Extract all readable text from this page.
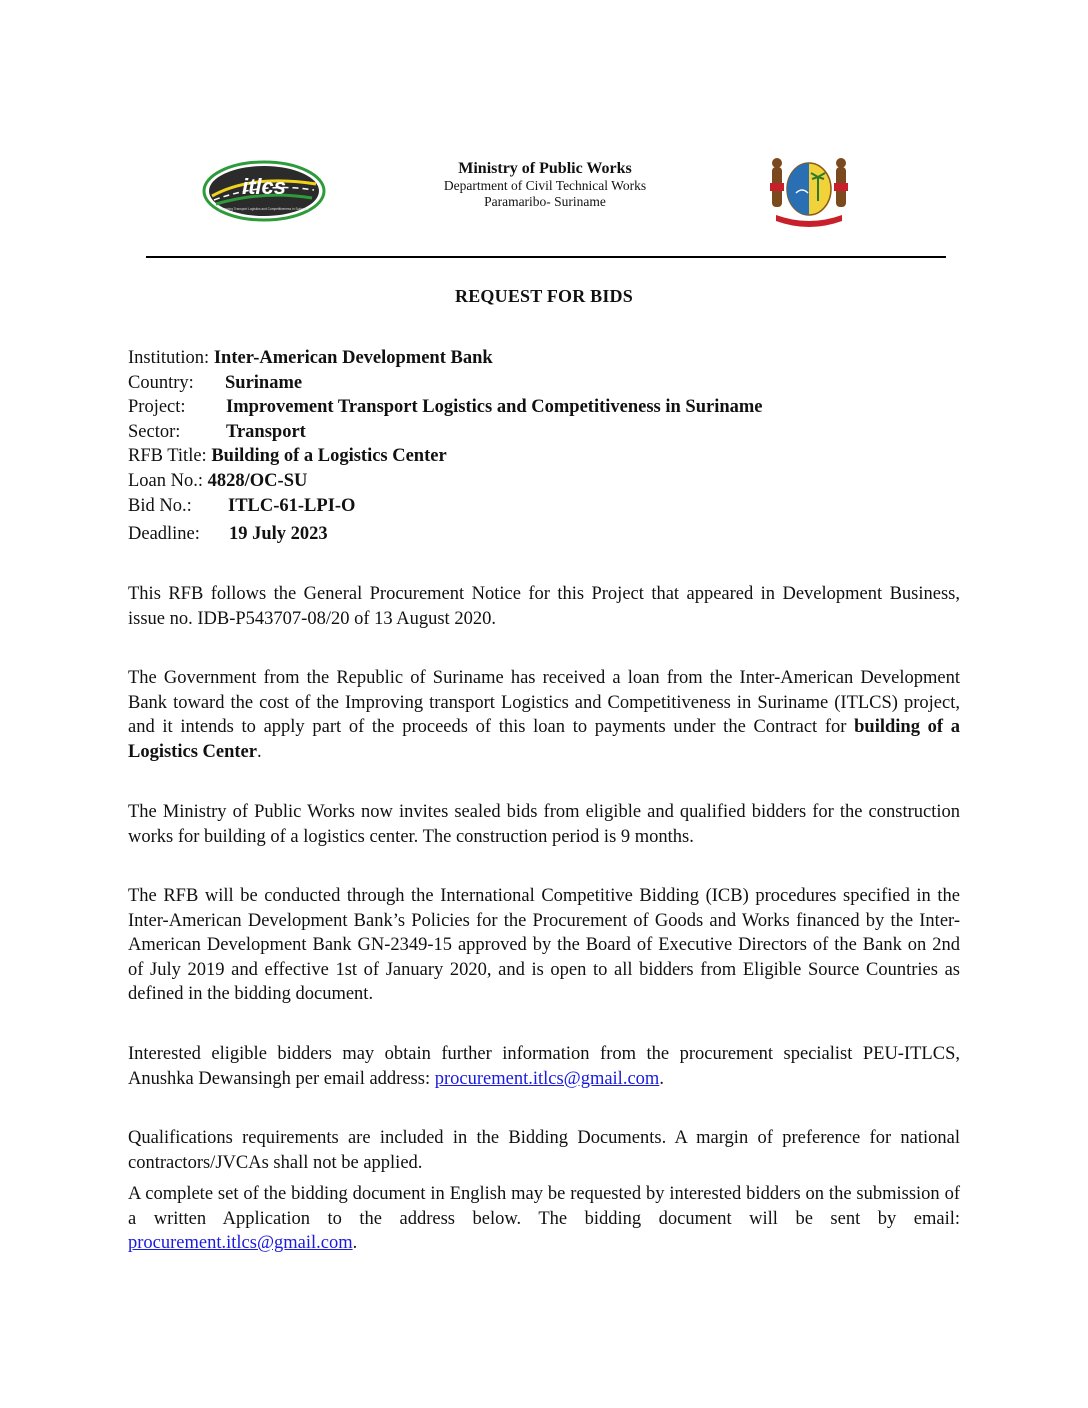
itlcs
Improving Transport Logistics and Competitiveness in Suriname
Ministry of Public Works
Department of Civil Technical Works
Paramaribo- Suriname
REQUEST FOR BIDS
Institution: Inter-American Development Bank
Country: Suriname
Project: Improvement Transport Logistics and Competitiveness in Suriname
Sector: Transport
RFB Title: Building of a Logistics Center
Loan No.: 4828/OC-SU
Bid No.: ITLC-61-LPI-O
Deadline: 19 July 2023
This RFB follows the General Procurement Notice for this Project that appeared in Development Business, issue no. IDB-P543707-08/20 of 13 August 2020.
The Government from the Republic of Suriname has received a loan from the Inter-American Development Bank toward the cost of the Improving transport Logistics and Competitiveness in Suriname (ITLCS) project, and it intends to apply part of the proceeds of this loan to payments under the Contract for building of a Logistics Center.
The Ministry of Public Works now invites sealed bids from eligible and qualified bidders for the construction works for building of a logistics center. The construction period is 9 months.
The RFB will be conducted through the International Competitive Bidding (ICB) procedures specified in the Inter-American Development Bank’s Policies for the Procurement of Goods and Works financed by the Inter-American Development Bank GN-2349-15 approved by the Board of Executive Directors of the Bank on 2nd of July 2019 and effective 1st of January 2020, and is open to all bidders from Eligible Source Countries as defined in the bidding document.
Interested eligible bidders may obtain further information from the procurement specialist PEU-ITLCS, Anushka Dewansingh per email address: procurement.itlcs@gmail.com.
Qualifications requirements are included in the Bidding Documents. A margin of preference for national contractors/JVCAs shall not be applied.
A complete set of the bidding document in English may be requested by interested bidders on the submission of a written Application to the address below. The bidding document will be sent by email: procurement.itlcs@gmail.com.
